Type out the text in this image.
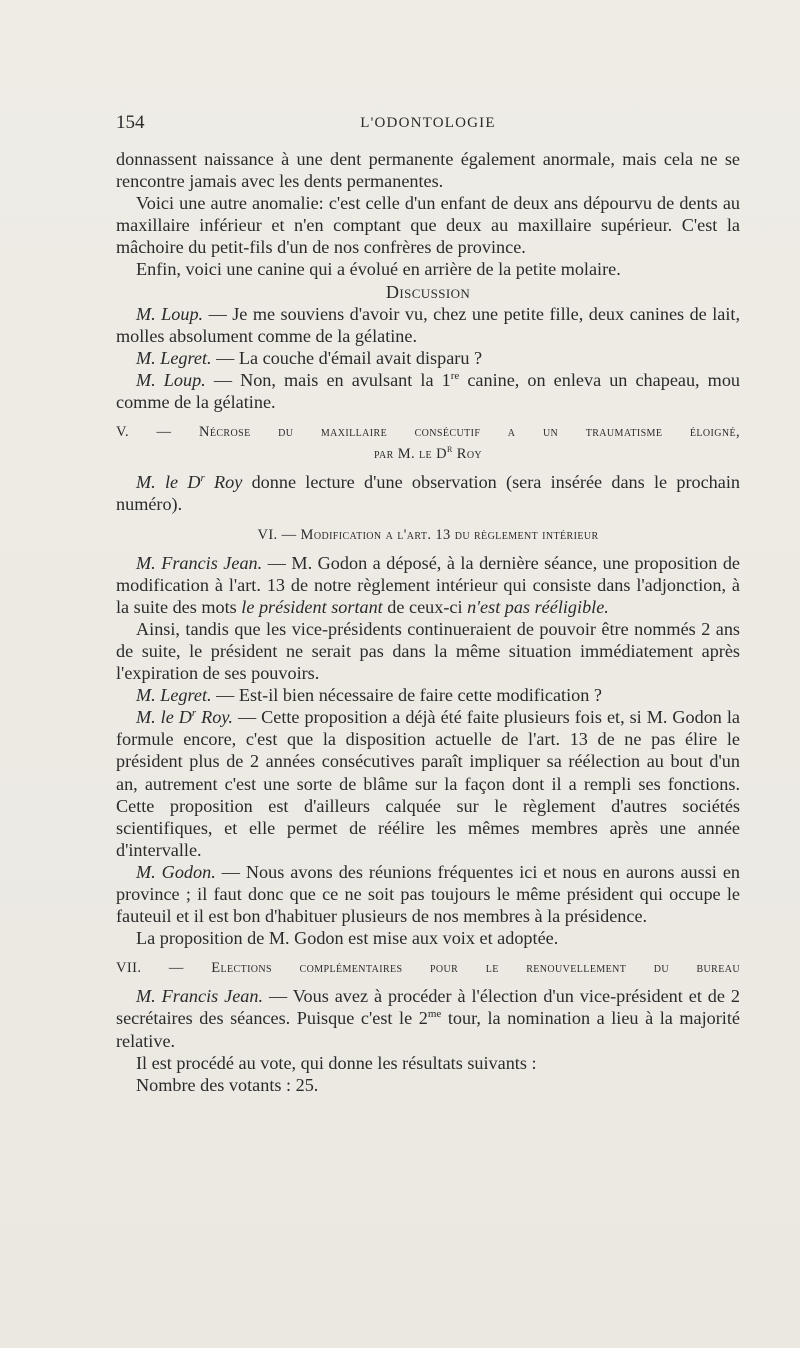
154	L'ODONTOLOGIE

donnassent naissance à une dent permanente également anormale, mais cela ne se rencontre jamais avec les dents permanentes.

Voici une autre anomalie: c'est celle d'un enfant de deux ans dépourvu de dents au maxillaire inférieur et n'en comptant que deux au maxillaire supérieur. C'est la mâchoire du petit-fils d'un de nos confrères de province.

Enfin, voici une canine qui a évolué en arrière de la petite molaire.

Discussion

M. Loup. — Je me souviens d'avoir vu, chez une petite fille, deux canines de lait, molles absolument comme de la gélatine.

M. Legret. — La couche d'émail avait disparu ?

M. Loup. — Non, mais en avulsant la 1re canine, on enleva un chapeau, mou comme de la gélatine.

V. — Nécrose du maxillaire consécutif a un traumatisme éloigné,

par M. le $D^r$ Roy

M. le $D^r$ Roy donne lecture d'une observation (sera insérée dans le prochain numéro).

VI. — Modification a l'art. 13 du règlement intérieur

M. Francis Jean. — M. Godon a déposé, à la dernière séance, une proposition de modification à l'art. 13 de notre règlement intérieur qui consiste dans l'adjonction, à la suite des mots le président sortant de ceux-ci n'est pas rééligible.

Ainsi, tandis que les vice-présidents continueraient de pouvoir être nommés 2 ans de suite, le président ne serait pas dans la même situation immédiatement après l'expiration de ses pouvoirs.

M. Legret. — Est-il bien nécessaire de faire cette modification ?

M. le $D^r$ Roy. — Cette proposition a déjà été faite plusieurs fois et, si M. Godon la formule encore, c'est que la disposition actuelle de l'art. 13 de ne pas élire le président plus de 2 années consécutives paraît impliquer sa réélection au bout d'un an, autrement c'est une sorte de blâme sur la façon dont il a rempli ses fonctions. Cette proposition est d'ailleurs calquée sur le règlement d'autres sociétés scientifiques, et elle permet de réélire les mêmes membres après une année d'intervalle.

M. Godon. — Nous avons des réunions fréquentes ici et nous en aurons aussi en province ; il faut donc que ce ne soit pas toujours le même président qui occupe le fauteuil et il est bon d'habituer plusieurs de nos membres à la présidence.

La proposition de M. Godon est mise aux voix et adoptée.

VII. — Elections complémentaires pour le renouvellement du bureau

M. Francis Jean. — Vous avez à procéder à l'élection d'un vice-président et de 2 secrétaires des séances. Puisque c'est le $2^{me}$ tour, la nomination a lieu à la majorité relative.

Il est procédé au vote, qui donne les résultats suivants :

Nombre des votants : 25.
